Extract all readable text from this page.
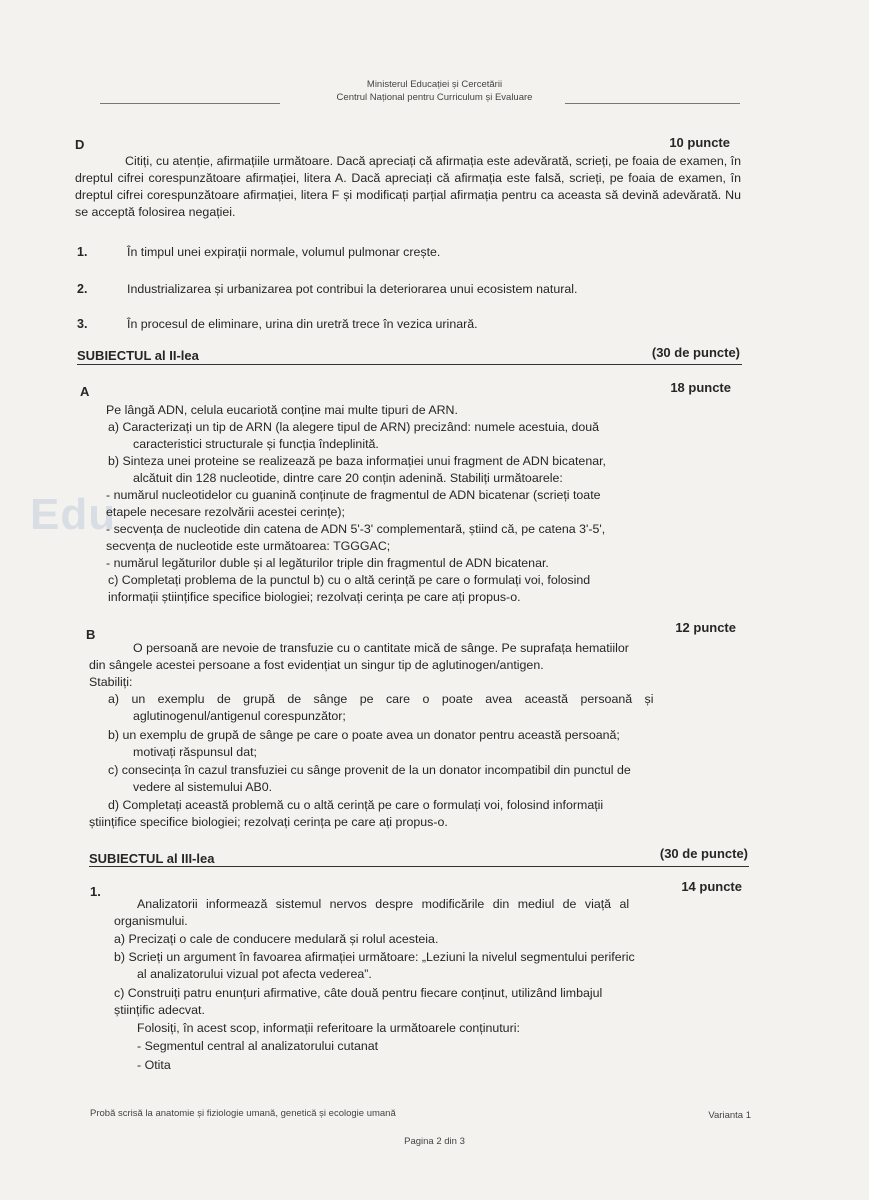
Ministerul Educației și Cercetării
Centrul Național pentru Curriculum și Evaluare
Edu
D	10 puncte
Citiți, cu atenție, afirmațiile următoare. Dacă apreciați că afirmația este adevărată, scrieți, pe foaia de examen, în dreptul cifrei corespunzătoare afirmației, litera A. Dacă apreciați că afirmația este falsă, scrieți, pe foaia de examen, în dreptul cifrei corespunzătoare afirmației, litera F și modificați parțial afirmația pentru ca aceasta să devină adevărată. Nu se acceptă folosirea negației.
1.	În timpul unei expirații normale, volumul pulmonar crește.
2.	Industrializarea și urbanizarea pot contribui la deteriorarea unui ecosistem natural.
3.	În procesul de eliminare, urina din uretră trece în vezica urinară.
SUBIECTUL al II-lea	(30 de puncte)
A	18 puncte
Pe lângă ADN, celula eucariotă conține mai multe tipuri de ARN.
a) Caracterizați un tip de ARN (la alegere tipul de ARN) precizând: numele acestuia, două
caracteristici structurale și funcția îndeplinită.
b) Sinteza unei proteine se realizează pe baza informației unui fragment de ADN bicatenar,
alcătuit din 128 nucleotide, dintre care 20 conțin adenină. Stabiliți următoarele:
- numărul nucleotidelor cu guanină conținute de fragmentul de ADN bicatenar (scrieți toate
etapele necesare rezolvării acestei cerințe);
- secvența de nucleotide din catena de ADN 5'-3' complementară, știind că, pe catena 3'-5',
secvența de nucleotide este următoarea: TGGGAC;
- numărul legăturilor duble și al legăturilor triple din fragmentul de ADN bicatenar.
c) Completați problema de la punctul b) cu o altă cerință pe care o formulați voi, folosind
informații științifice specifice biologiei; rezolvați cerința pe care ați propus-o.
B	12 puncte
O persoană are nevoie de transfuzie cu o cantitate mică de sânge. Pe suprafața hematiilor
din sângele acestei persoane a fost evidențiat un singur tip de aglutinogen/antigen.
Stabiliți:
a) un exemplu de grupă de sânge pe care o poate avea această persoană și
aglutinogenul/antigenul corespunzător;
b) un exemplu de grupă de sânge pe care o poate avea un donator pentru această persoană;
motivați răspunsul dat;
c) consecința în cazul transfuziei cu sânge provenit de la un donator incompatibil din punctul de
vedere al sistemului AB0.
d) Completați această problemă cu o altă cerință pe care o formulați voi, folosind informații
științifice specifice biologiei; rezolvați cerința pe care ați propus-o.
SUBIECTUL al III-lea	(30 de puncte)
1.	14 puncte
Analizatorii informează sistemul nervos despre modificările din mediul de viață al
organismului.
a) Precizați o cale de conducere medulară și rolul acesteia.
b) Scrieți un argument în favoarea afirmației următoare: „Leziuni la nivelul segmentului periferic
al analizatorului vizual pot afecta vederea”.
c) Construiți patru enunțuri afirmative, câte două pentru fiecare conținut, utilizând limbajul
științific adecvat.
Folosiți, în acest scop, informații referitoare la următoarele conținuturi:
- Segmentul central al analizatorului cutanat
- Otita
Probă scrisă la anatomie și fiziologie umană, genetică și ecologie umană	Varianta 1
Pagina 2 din 3
